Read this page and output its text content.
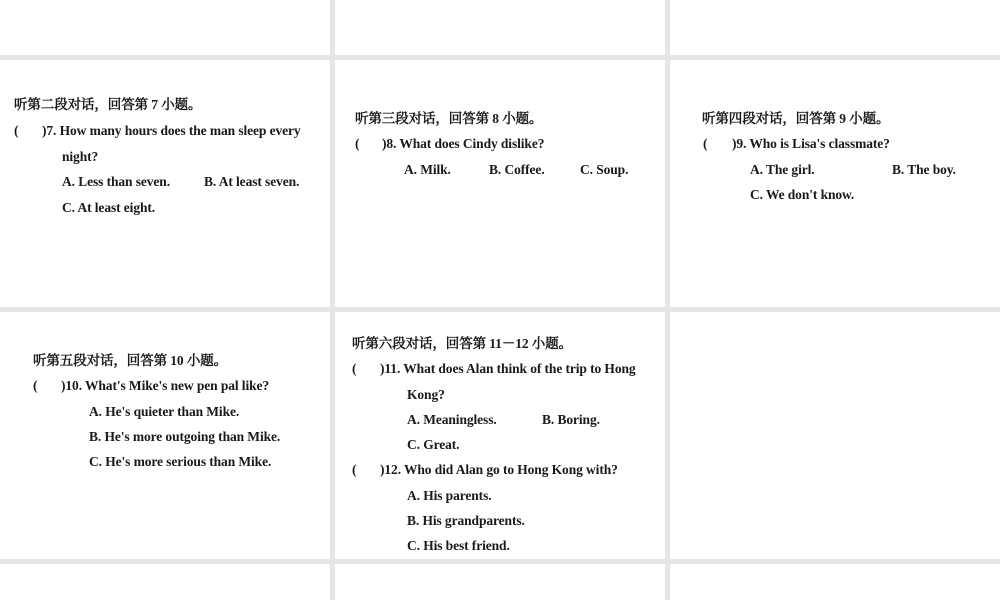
听第二段对话，回答第 7 小题。
( )7. How many hours does the man sleep every
night?
A. Less than seven.	B. At least seven.
C. At least eight.
听第三段对话，回答第 8 小题。
( )8. What does Cindy dislike?
A. Milk.	B. Coffee.	C. Soup.
听第四段对话，回答第 9 小题。
( )9. Who is Lisa's classmate?
A. The girl.	B. The boy.
C. We don't know.
听第五段对话，回答第 10 小题。
( )10. What's Mike's new pen pal like?
A. He's quieter than Mike.
B. He's more outgoing than Mike.
C. He's more serious than Mike.
听第六段对话，回答第 11－12 小题。
( )11. What does Alan think of the trip to Hong
Kong?
A. Meaningless.	B. Boring.
C. Great.
( )12. Who did Alan go to Hong Kong with?
A. His parents.
B. His grandparents.
C. His best friend.
